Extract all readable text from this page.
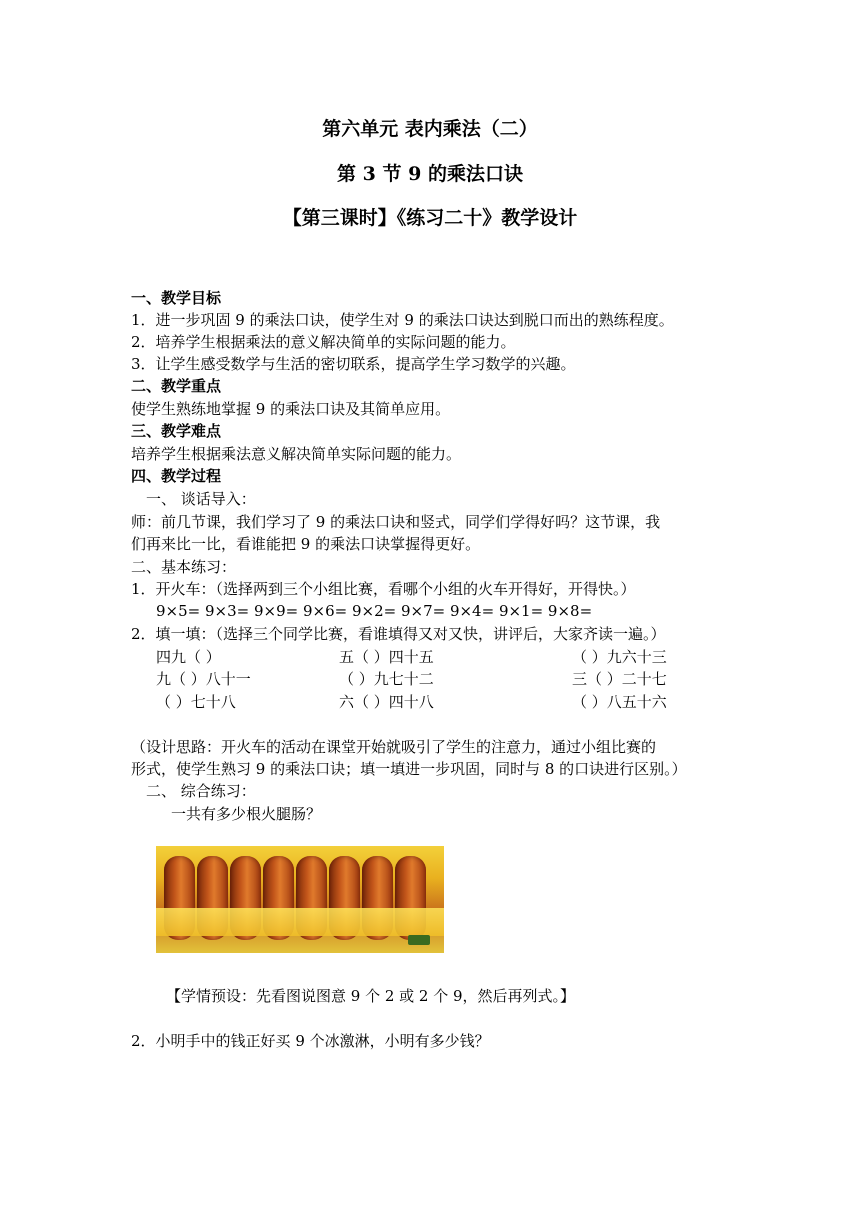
第六单元 表内乘法（二）
第 3 节 9 的乘法口诀
【第三课时】《练习二十》教学设计
一、教学目标
1．进一步巩固 9 的乘法口诀，使学生对 9 的乘法口诀达到脱口而出的熟练程度。
2．培养学生根据乘法的意义解决简单的实际问题的能力。
3．让学生感受数学与生活的密切联系，提高学生学习数学的兴趣。
二、教学重点
使学生熟练地掌握 9 的乘法口诀及其简单应用。
三、教学难点
培养学生根据乘法意义解决简单实际问题的能力。
四、教学过程
一、 谈话导入：
师：前几节课，我们学习了 9 的乘法口诀和竖式，同学们学得好吗？这节课，我
们再来比一比，看谁能把 9 的乘法口诀掌握得更好。
二、基本练习：
1．开火车：（选择两到三个小组比赛，看哪个小组的火车开得好，开得快。）
9×5= 9×3= 9×9= 9×6= 9×2= 9×7= 9×4= 9×1= 9×8=
2．填一填：（选择三个同学比赛，看谁填得又对又快，讲评后，大家齐读一遍。）
四九（ ）	五（ ）四十五	（ ）九六十三
九（ ）八十一	（ ）九七十二	三（ ）二十七
（ ）七十八	六（ ）四十八	（ ）八五十六
（设计思路：开火车的活动在课堂开始就吸引了学生的注意力，通过小组比赛的
形式，使学生熟习 9 的乘法口诀；填一填进一步巩固，同时与 8 的口诀进行区别。）
二、 综合练习：
一共有多少根火腿肠？
【学情预设：先看图说图意 9 个 2 或 2 个 9，然后再列式。】
2．小明手中的钱正好买 9 个冰激淋，小明有多少钱？
